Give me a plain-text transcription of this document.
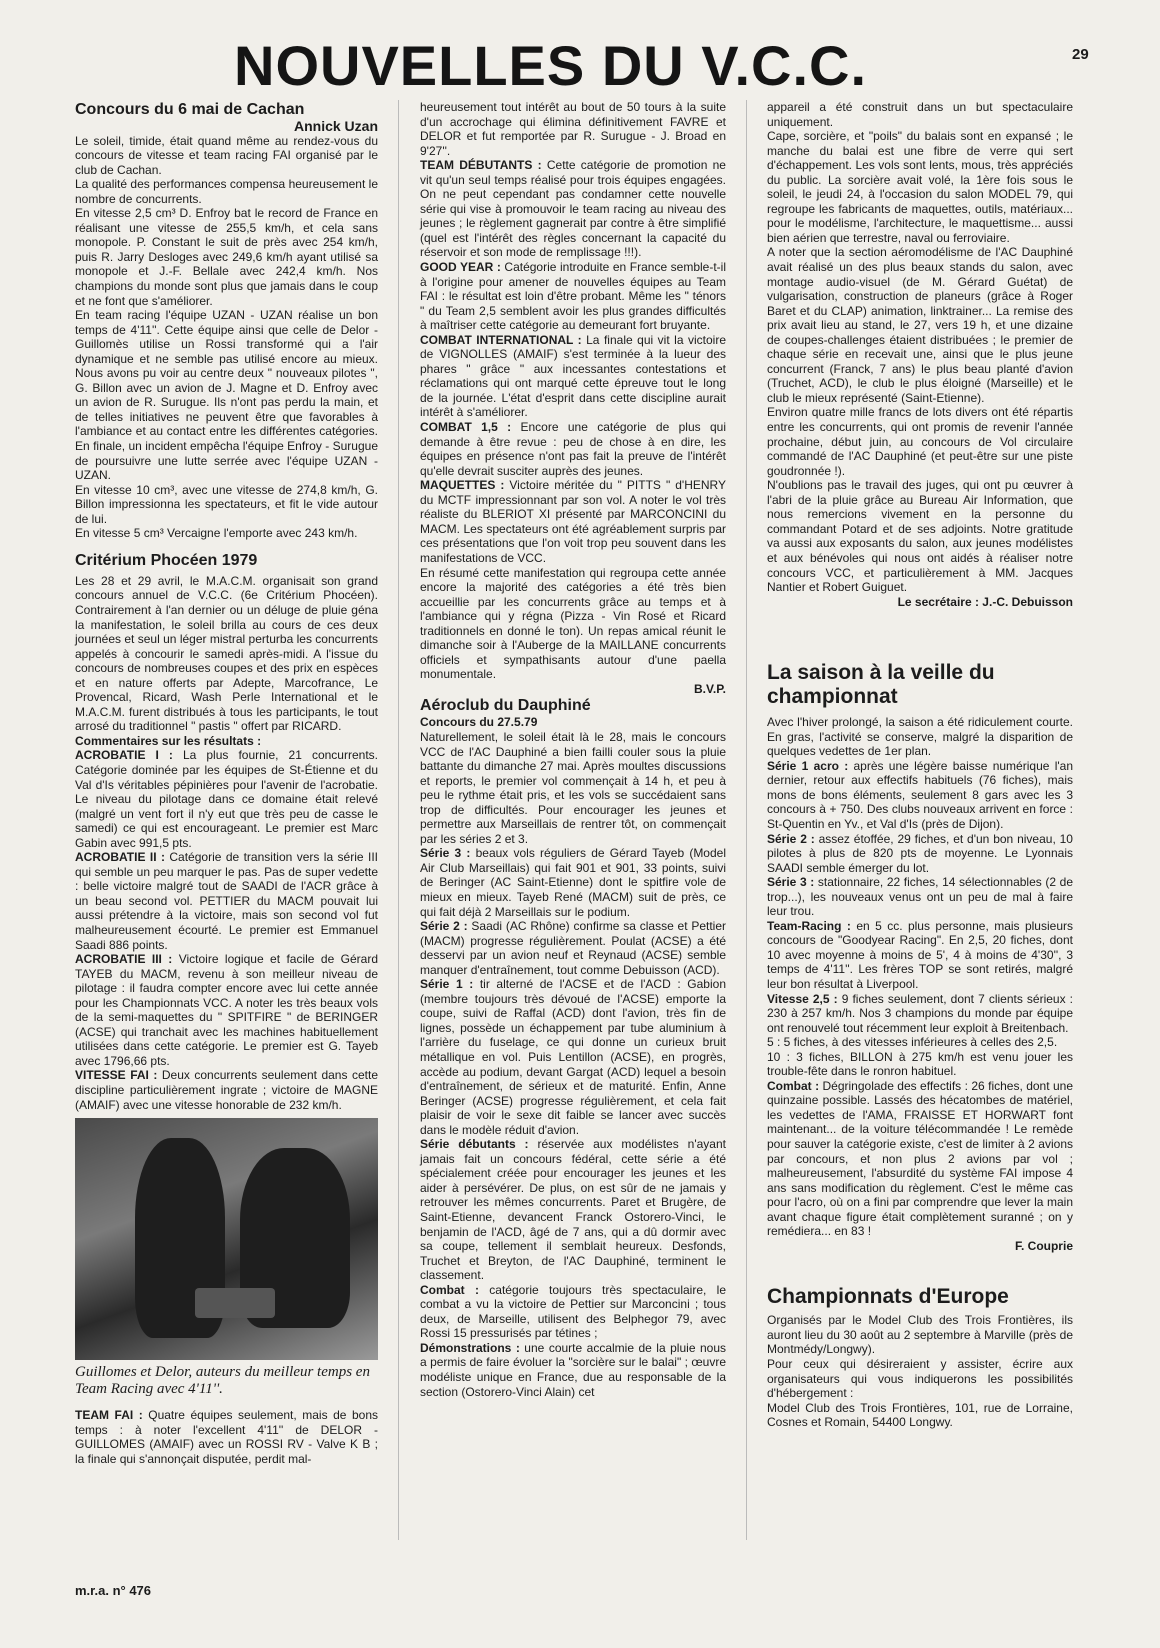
NOUVELLES DU V.C.C.	29
Concours du 6 mai de Cachan

Annick Uzan

Le soleil, timide, était quand même au rendez-vous du concours de vitesse et team racing FAI organisé par le club de Cachan.

La qualité des performances compensa heureusement le nombre de concurrents.

En vitesse 2,5 cm³ D. Enfroy bat le record de France en réalisant une vitesse de 255,5 km/h, et cela sans monopole. P. Constant le suit de près avec 254 km/h, puis R. Jarry Desloges avec 249,6 km/h ayant utilisé sa monopole et J.-F. Bellale avec 242,4 km/h. Nos champions du monde sont plus que jamais dans le coup et ne font que s'améliorer.

En team racing l'équipe UZAN - UZAN réalise un bon temps de 4'11''. Cette équipe ainsi que celle de Delor - Guillomès utilise un Rossi transformé qui a l'air dynamique et ne semble pas utilisé encore au mieux. Nous avons pu voir au centre deux " nouveaux pilotes ", G. Billon avec un avion de J. Magne et D. Enfroy avec un avion de R. Surugue. Ils n'ont pas perdu la main, et de telles initiatives ne peuvent être que favorables à l'ambiance et au contact entre les différentes catégories. En finale, un incident empêcha l'équipe Enfroy - Surugue de poursuivre une lutte serrée avec l'équipe UZAN - UZAN.

En vitesse 10 cm³, avec une vitesse de 274,8 km/h, G. Billon impressionna les spectateurs, et fit le vide autour de lui.

En vitesse 5 cm³ Vercaigne l'emporte avec 243 km/h.

Critérium Phocéen 1979

Les 28 et 29 avril, le M.A.C.M. organisait son grand concours annuel de V.C.C. (6e Critérium Phocéen). Contrairement à l'an dernier ou un déluge de pluie géna la manifestation, le soleil brilla au cours de ces deux journées et seul un léger mistral perturba les concurrents appelés à concourir le samedi après-midi. A l'issue du concours de nombreuses coupes et des prix en espèces et en nature offerts par Adepte, Marcofrance, Le Provencal, Ricard, Wash Perle International et le M.A.C.M. furent distribués à tous les participants, le tout arrosé du traditionnel " pastis " offert par RICARD.

Commentaires sur les résultats :

ACROBATIE I : La plus fournie, 21 concurrents. Catégorie dominée par les équipes de St-Étienne et du Val d'Is véritables pépinières pour l'avenir de l'acrobatie. Le niveau du pilotage dans ce domaine était relevé (malgré un vent fort il n'y eut que très peu de casse le samedi) ce qui est encourageant. Le premier est Marc Gabin avec 991,5 pts.

ACROBATIE II : Catégorie de transition vers la série III qui semble un peu marquer le pas. Pas de super vedette : belle victoire malgré tout de SAADI de l'ACR grâce à un beau second vol. PETTIER du MACM pouvait lui aussi prétendre à la victoire, mais son second vol fut malheureusement écourté. Le premier est Emmanuel Saadi 886 points.

ACROBATIE III : Victoire logique et facile de Gérard TAYEB du MACM, revenu à son meilleur niveau de pilotage : il faudra compter encore avec lui cette année pour les Championnats VCC. A noter les très beaux vols de la semi-maquettes du " SPITFIRE " de BERINGER (ACSE) qui tranchait avec les machines habituellement utilisées dans cette catégorie. Le premier est G. Tayeb avec 1796,66 pts.

VITESSE FAI : Deux concurrents seulement dans cette discipline particulièrement ingrate ; victoire de MAGNE (AMAIF) avec une vitesse honorable de 232 km/h.

Guillomes et Delor, auteurs du meilleur temps en Team Racing avec 4'11''.

TEAM FAI : Quatre équipes seulement, mais de bons temps : à noter l'excellent 4'11'' de DELOR - GUILLOMES (AMAIF) avec un ROSSI RV - Valve K B ; la finale qui s'annonçait disputée, perdit mal-

heureusement tout intérêt au bout de 50 tours à la suite d'un accrochage qui élimina définitivement FAVRE et DELOR et fut remportée par R. Surugue - J. Broad en 9'27''.

TEAM DÉBUTANTS : Cette catégorie de promotion ne vit qu'un seul temps réalisé pour trois équipes engagées. On ne peut cependant pas condamner cette nouvelle série qui vise à promouvoir le team racing au niveau des jeunes ; le règlement gagnerait par contre à être simplifié (quel est l'intérêt des règles concernant la capacité du réservoir et son mode de remplissage !!!).

GOOD YEAR : Catégorie introduite en France semble-t-il à l'origine pour amener de nouvelles équipes au Team FAI : le résultat est loin d'être probant. Même les " ténors " du Team 2,5 semblent avoir les plus grandes difficultés à maîtriser cette catégorie au demeurant fort bruyante.

COMBAT INTERNATIONAL : La finale qui vit la victoire de VIGNOLLES (AMAIF) s'est terminée à la lueur des phares " grâce " aux incessantes contestations et réclamations qui ont marqué cette épreuve tout le long de la journée. L'état d'esprit dans cette discipline aurait intérêt à s'améliorer.

COMBAT 1,5 : Encore une catégorie de plus qui demande à être revue : peu de chose à en dire, les équipes en présence n'ont pas fait la preuve de l'intérêt qu'elle devrait susciter auprès des jeunes.

MAQUETTES : Victoire méritée du " PITTS " d'HENRY du MCTF impressionnant par son vol. A noter le vol très réaliste du BLERIOT XI présenté par MARCONCINI du MACM. Les spectateurs ont été agréablement surpris par ces présentations que l'on voit trop peu souvent dans les manifestations de VCC.

En résumé cette manifestation qui regroupa cette année encore la majorité des catégories a été très bien accueillie par les concurrents grâce au temps et à l'ambiance qui y régna (Pizza - Vin Rosé et Ricard traditionnels en donné le ton). Un repas amical réunit le dimanche soir à l'Auberge de la MAILLANE concurrents officiels et sympathisants autour d'une paella monumentale.

B.V.P.

Aéroclub du Dauphiné

Concours du 27.5.79

Naturellement, le soleil était là le 28, mais le concours VCC de l'AC Dauphiné a bien failli couler sous la pluie battante du dimanche 27 mai. Après moultes discussions et reports, le premier vol commençait à 14 h, et peu à peu le rythme était pris, et les vols se succédaient sans trop de difficultés. Pour encourager les jeunes et permettre aux Marseillais de rentrer tôt, on commençait par les séries 2 et 3.

Série 3 : beaux vols réguliers de Gérard Tayeb (Model Air Club Marseillais) qui fait 901 et 901, 33 points, suivi de Beringer (AC Saint-Etienne) dont le spitfire vole de mieux en mieux. Tayeb René (MACM) suit de près, ce qui fait déjà 2 Marseillais sur le podium.

Série 2 : Saadi (AC Rhône) confirme sa classe et Pettier (MACM) progresse régulièrement. Poulat (ACSE) a été desservi par un avion neuf et Reynaud (ACSE) semble manquer d'entraînement, tout comme Debuisson (ACD).

Série 1 : tir alterné de l'ACSE et de l'ACD : Gabion (membre toujours très dévoué de l'ACSE) emporte la coupe, suivi de Raffal (ACD) dont l'avion, très fin de lignes, possède un échappement par tube aluminium à l'arrière du fuselage, ce qui donne un curieux bruit métallique en vol. Puis Lentillon (ACSE), en progrès, accède au podium, devant Gargat (ACD) lequel a besoin d'entraînement, de sérieux et de maturité. Enfin, Anne Beringer (ACSE) progresse régulièrement, et cela fait plaisir de voir le sexe dit faible se lancer avec succès dans le modèle réduit d'avion.

Série débutants : réservée aux modélistes n'ayant jamais fait un concours fédéral, cette série a été spécialement créée pour encourager les jeunes et les aider à persévérer. De plus, on est sûr de ne jamais y retrouver les mêmes concurrents. Paret et Brugère, de Saint-Etienne, devancent Franck Ostorero-Vinci, le benjamin de l'ACD, âgé de 7 ans, qui a dû dormir avec sa coupe, tellement il semblait heureux. Desfonds, Truchet et Breyton, de l'AC Dauphiné, terminent le classement.

Combat : catégorie toujours très spectaculaire, le combat a vu la victoire de Pettier sur Marconcini ; tous deux, de Marseille, utilisent des Belphegor 79, avec Rossi 15 pressurisés par tétines ;

Démonstrations : une courte accalmie de la pluie nous a permis de faire évoluer la "sorcière sur le balai" ; œuvre modéliste unique en France, due au responsable de la section (Ostorero-Vinci Alain) cet

appareil a été construit dans un but spectaculaire uniquement.

Cape, sorcière, et "poils" du balais sont en expansé ; le manche du balai est une fibre de verre qui sert d'échappement. Les vols sont lents, mous, très appréciés du public. La sorcière avait volé, la 1ère fois sous le soleil, le jeudi 24, à l'occasion du salon MODEL 79, qui regroupe les fabricants de maquettes, outils, matériaux... pour le modélisme, l'architecture, le maquettisme... aussi bien aérien que terrestre, naval ou ferroviaire.

A noter que la section aéromodélisme de l'AC Dauphiné avait réalisé un des plus beaux stands du salon, avec montage audio-visuel (de M. Gérard Guétat) de vulgarisation, construction de planeurs (grâce à Roger Baret et du CLAP) animation, linktrainer... La remise des prix avait lieu au stand, le 27, vers 19 h, et une dizaine de coupes-challenges étaient distribuées ; le premier de chaque série en recevait une, ainsi que le plus jeune concurrent (Franck, 7 ans) le plus beau planté d'avion (Truchet, ACD), le club le plus éloigné (Marseille) et le club le mieux représenté (Saint-Etienne).

Environ quatre mille francs de lots divers ont été répartis entre les concurrents, qui ont promis de revenir l'année prochaine, début juin, au concours de Vol circulaire commandé de l'AC Dauphiné (et peut-être sur une piste goudronnée !).

N'oublions pas le travail des juges, qui ont pu œuvrer à l'abri de la pluie grâce au Bureau Air Information, que nous remercions vivement en la personne du commandant Potard et de ses adjoints. Notre gratitude va aussi aux exposants du salon, aux jeunes modélistes et aux bénévoles qui nous ont aidés à réaliser notre concours VCC, et particulièrement à MM. Jacques Nantier et Robert Guiguet.

Le secrétaire : J.-C. Debuisson

La saison à la veille du championnat

Avec l'hiver prolongé, la saison a été ridiculement courte. En gras, l'activité se conserve, malgré la disparition de quelques vedettes de 1er plan.

Série 1 acro : après une légère baisse numérique l'an dernier, retour aux effectifs habituels (76 fiches), mais mons de bons éléments, seulement 8 gars avec les 3 concours à + 750. Des clubs nouveaux arrivent en force : St-Quentin en Yv., et Val d'Is (près de Dijon).

Série 2 : assez étoffée, 29 fiches, et d'un bon niveau, 10 pilotes à plus de 820 pts de moyenne. Le Lyonnais SAADI semble émerger du lot.

Série 3 : stationnaire, 22 fiches, 14 sélectionnables (2 de trop...), les nouveaux venus ont un peu de mal à faire leur trou.

Team-Racing : en 5 cc. plus personne, mais plusieurs concours de "Goodyear Racing". En 2,5, 20 fiches, dont 10 avec moyenne à moins de 5', 4 à moins de 4'30'', 3 temps de 4'11''. Les frères TOP se sont retirés, malgré leur bon résultat à Liverpool.

Vitesse 2,5 : 9 fiches seulement, dont 7 clients sérieux : 230 à 257 km/h. Nos 3 champions du monde par équipe ont renouvelé tout récemment leur exploit à Breitenbach.

5 : 5 fiches, à des vitesses inférieures à celles des 2,5.

10 : 3 fiches, BILLON à 275 km/h est venu jouer les trouble-fête dans le ronron habituel.

Combat : Dégringolade des effectifs : 26 fiches, dont une quinzaine possible. Lassés des hécatombes de matériel, les vedettes de l'AMA, FRAISSE ET HORWART font maintenant... de la voiture télécommandée ! Le remède pour sauver la catégorie existe, c'est de limiter à 2 avions par concours, et non plus 2 avions par vol ; malheureusement, l'absurdité du système FAI impose 4 ans sans modification du règlement. C'est le même cas pour l'acro, où on a fini par comprendre que lever la main avant chaque figure était complètement suranné ; on y remédiera... en 83 !

F. Couprie

Championnats d'Europe

Organisés par le Model Club des Trois Frontières, ils auront lieu du 30 août au 2 septembre à Marville (près de Montmédy/Longwy).

Pour ceux qui désireraient y assister, écrire aux organisateurs qui vous indiquerons les possibilités d'hébergement :

Model Club des Trois Frontières, 101, rue de Lorraine, Cosnes et Romain, 54400 Longwy.

m.r.a. n° 476
